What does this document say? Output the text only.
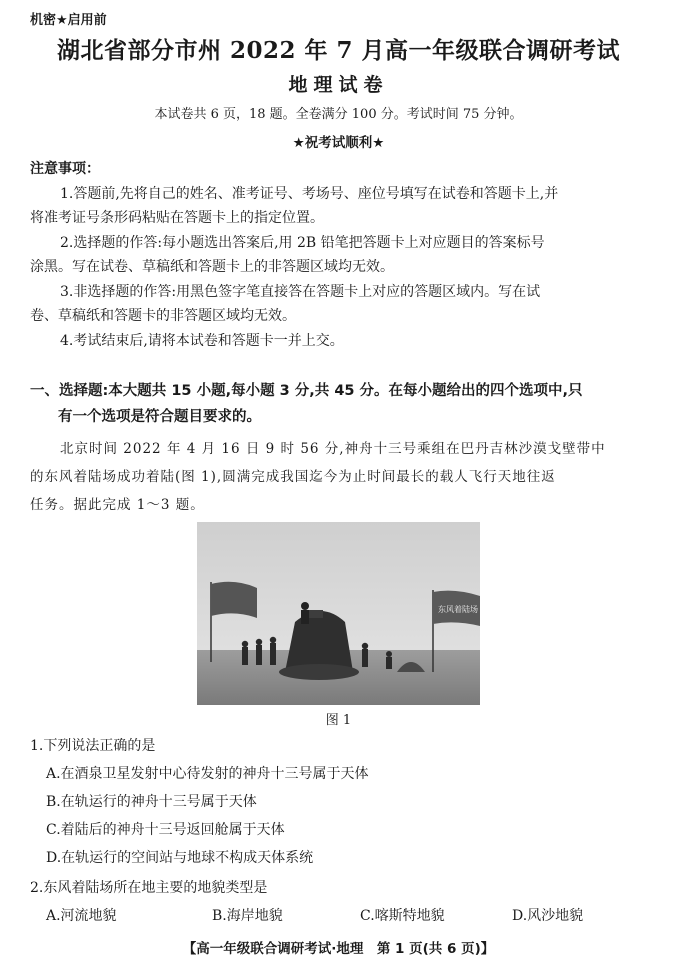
机密★启用前
湖北省部分市州 2022 年 7 月高一年级联合调研考试
地理试卷
本试卷共 6 页，18 题。全卷满分 100 分。考试时间 75 分钟。
★祝考试顺利★
注意事项：
1.答题前,先将自己的姓名、准考证号、考场号、座位号填写在试卷和答题卡上,并
将准考证号条形码粘贴在答题卡上的指定位置。
2.选择题的作答:每小题选出答案后,用 2B 铅笔把答题卡上对应题目的答案标号
涂黑。写在试卷、草稿纸和答题卡上的非答题区域均无效。
3.非选择题的作答:用黑色签字笔直接答在答题卡上对应的答题区域内。写在试
卷、草稿纸和答题卡的非答题区域均无效。
4.考试结束后,请将本试卷和答题卡一并上交。
一、选择题:本大题共 15 小题,每小题 3 分,共 45 分。在每小题给出的四个选项中,只
有一个选项是符合题目要求的。
北京时间 2022 年 4 月 16 日 9 时 56 分,神舟十三号乘组在巴丹吉林沙漠戈壁带中
的东风着陆场成功着陆(图 1),圆满完成我国迄今为止时间最长的载人飞行天地往返
任务。据此完成 1～3 题。
东风着陆场
图 1
1.下列说法正确的是
A.在酒泉卫星发射中心待发射的神舟十三号属于天体
B.在轨运行的神舟十三号属于天体
C.着陆后的神舟十三号返回舱属于天体
D.在轨运行的空间站与地球不构成天体系统
2.东风着陆场所在地主要的地貌类型是
A.河流地貌	B.海岸地貌	C.喀斯特地貌	D.风沙地貌
【高一年级联合调研考试·地理　第 1 页(共 6 页)】
